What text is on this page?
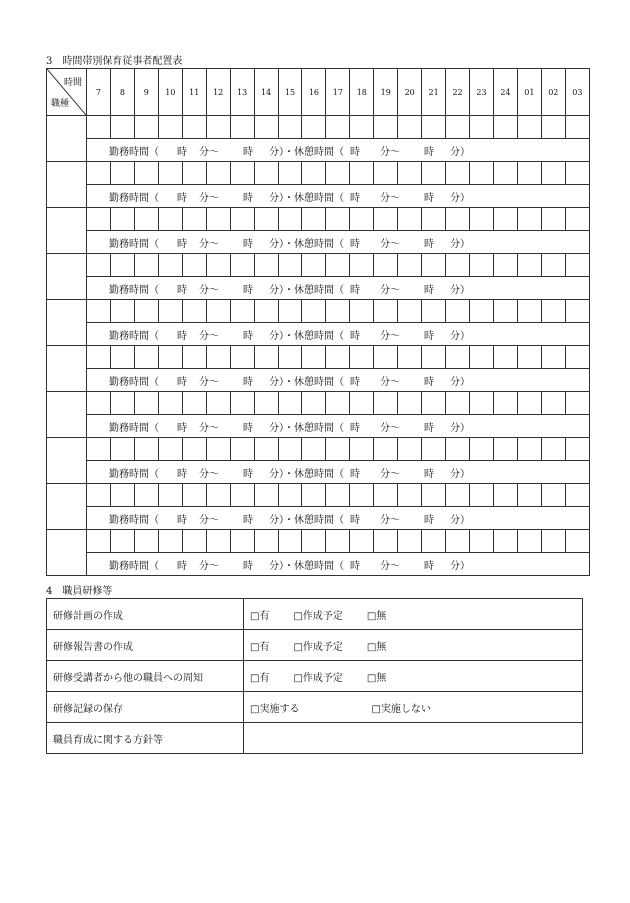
3　時間帯別保育従事者配置表
時間
職種	7	8	9	10	11	12	13	14	15	16	17	18	19	20	21	22	23	24	01	02	03

	勤務時間（ 時 分～ 時 分）・休憩時間（ 時 分～ 時 分）																				

	勤務時間（ 時 分～ 時 分）・休憩時間（ 時 分～ 時 分）																				

	勤務時間（ 時 分～ 時 分）・休憩時間（ 時 分～ 時 分）																				

	勤務時間（ 時 分～ 時 分）・休憩時間（ 時 分～ 時 分）																				

	勤務時間（ 時 分～ 時 分）・休憩時間（ 時 分～ 時 分）																				

	勤務時間（ 時 分～ 時 分）・休憩時間（ 時 分～ 時 分）																				

	勤務時間（ 時 分～ 時 分）・休憩時間（ 時 分～ 時 分）																				

	勤務時間（ 時 分～ 時 分）・休憩時間（ 時 分～ 時 分）																				

	勤務時間（ 時 分～ 時 分）・休憩時間（ 時 分～ 時 分）																				

	勤務時間（ 時 分～ 時 分）・休憩時間（ 時 分～ 時 分）																				
4　職員研修等
研修計画の作成	□有 □作成予定 □無
研修報告書の作成	□有 □作成予定 □無
研修受講者から他の職員への周知	□有 □作成予定 □無
研修記録の保存	□実施する □実施しない
職員育成に関する方針等	
